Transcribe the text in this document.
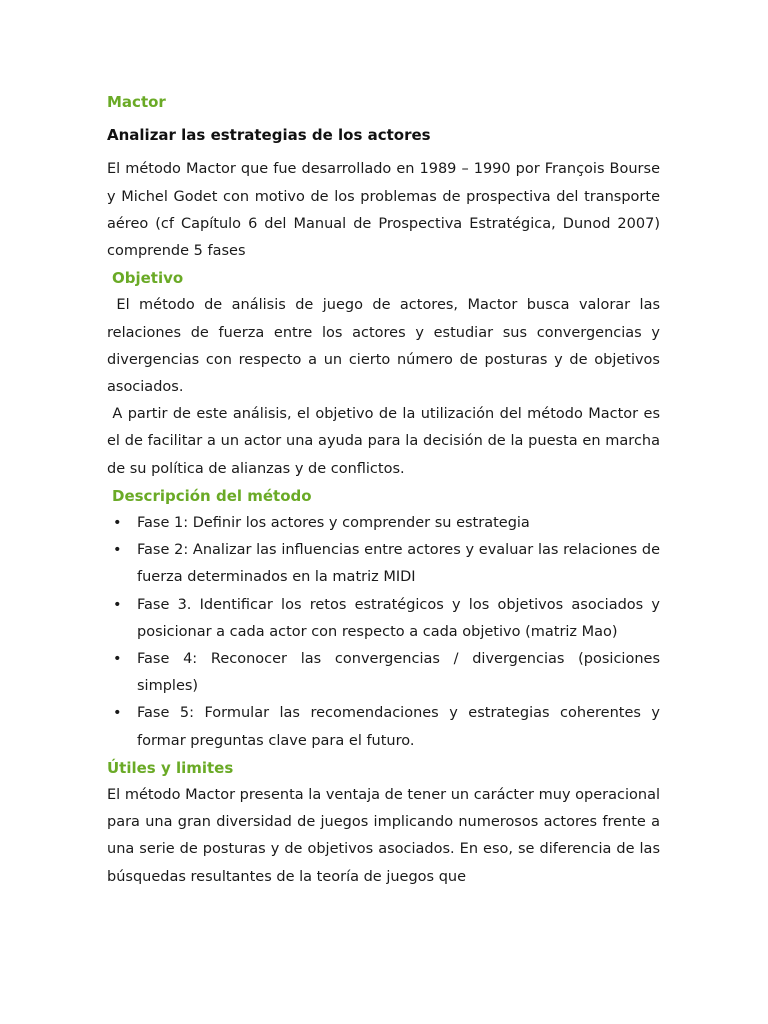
Mactor
Analizar las estrategias de los actores

El método Mactor que fue desarrollado en 1989 – 1990 por François Bourse y Michel Godet con motivo de los problemas de prospectiva del transporte aéreo (cf Capítulo 6 del Manual de Prospectiva Estratégica, Dunod 2007) comprende 5 fases

Objetivo

El método de análisis de juego de actores, Mactor busca valorar las relaciones de fuerza entre los actores y estudiar sus convergencias y divergencias con respecto a un cierto número de posturas y de objetivos asociados.

A partir de este análisis, el objetivo de la utilización del método Mactor es el de facilitar a un actor una ayuda para la decisión de la puesta en marcha de su política de alianzas y de conflictos.

Descripción del método
• Fase 1: Definir los actores y comprender su estrategia
• Fase 2: Analizar las influencias entre actores y evaluar las relaciones de fuerza determinados en la matriz MIDI
• Fase 3. Identificar los retos estratégicos y los objetivos asociados y posicionar a cada actor con respecto a cada objetivo (matriz Mao)
• Fase 4: Reconocer las convergencias / divergencias (posiciones simples)
• Fase 5: Formular las recomendaciones y estrategias coherentes y formar preguntas clave para el futuro.
Útiles y limites

El método Mactor presenta la ventaja de tener un carácter muy operacional para una gran diversidad de juegos implicando numerosos actores frente a una serie de posturas y de objetivos asociados. En eso, se diferencia de las búsquedas resultantes de la teoría de juegos que
